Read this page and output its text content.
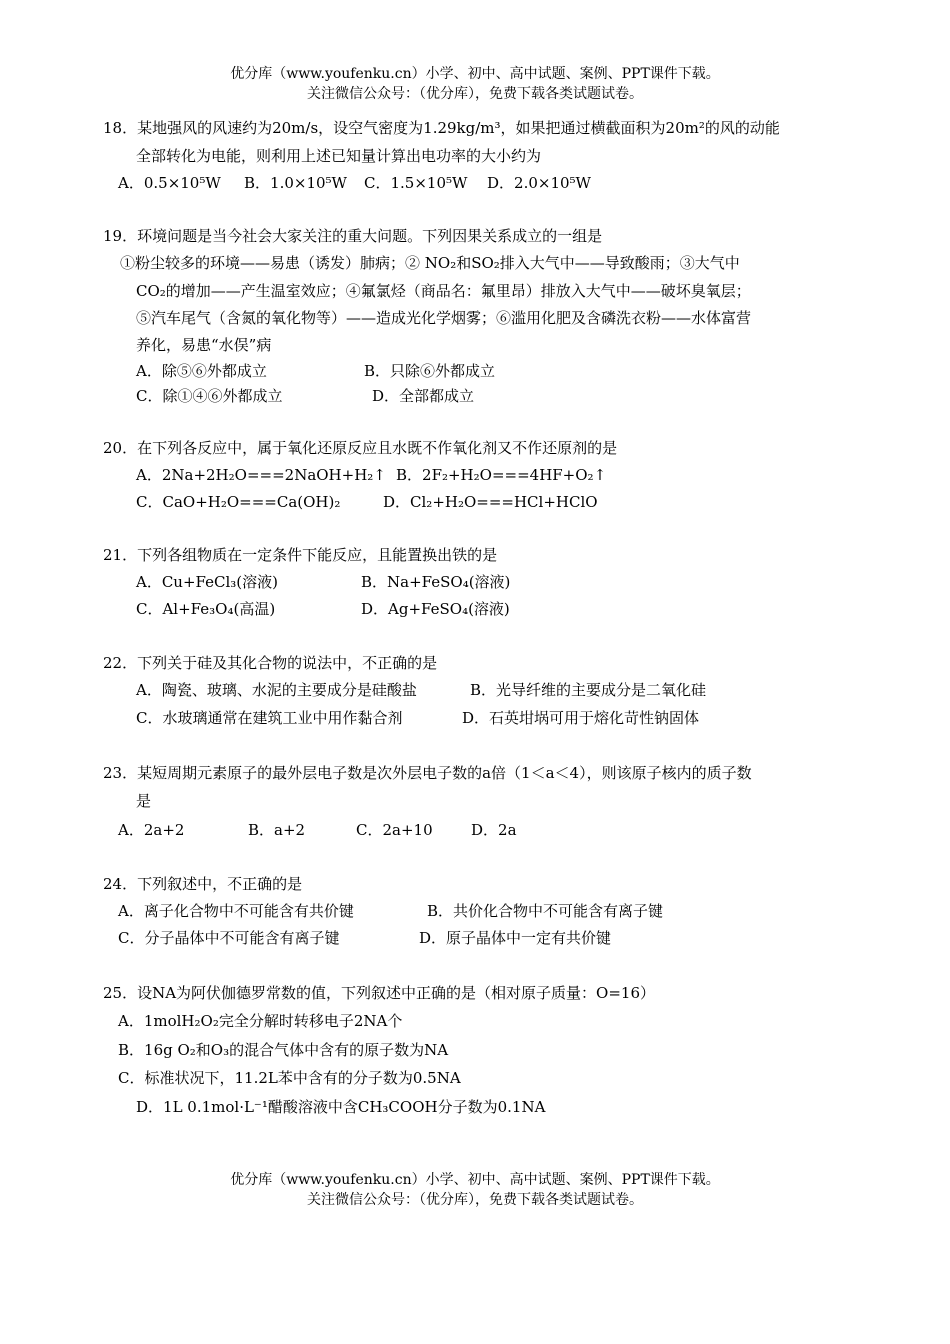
优分库（www.youfenku.cn）小学、初中、高中试题、案例、PPT课件下载。
关注微信公众号：（优分库），免费下载各类试题试卷。
18．某地强风的风速约为20m/s，设空气密度为1.29kg/m³，如果把通过横截面积为20m²的风的动能
全部转化为电能，则利用上述已知量计算出电功率的大小约为
A．0.5×10⁵W B．1.0×10⁵W C．1.5×10⁵W D．2.0×10⁵W
19．环境问题是当今社会大家关注的重大问题。下列因果关系成立的一组是
①粉尘较多的环境——易患（诱发）肺病；② NO₂和SO₂排入大气中——导致酸雨；③大气中
CO₂的增加——产生温室效应；④氟氯烃（商品名：氟里昂）排放入大气中——破坏臭氧层；
⑤汽车尾气（含氮的氧化物等）——造成光化学烟雾；⑥滥用化肥及含磷洗衣粉——水体富营
养化，易患“水俣”病
A．除⑤⑥外都成立	B．只除⑥外都成立
C．除①④⑥外都成立	D．全部都成立
20．在下列各反应中，属于氧化还原反应且水既不作氧化剂又不作还原剂的是
A．2Na+2H₂O===2NaOH+H₂↑ B．2F₂+H₂O===4HF+O₂↑
C．CaO+H₂O===Ca(OH)₂	D．Cl₂+H₂O===HCl+HClO
21．下列各组物质在一定条件下能反应，且能置换出铁的是
A．Cu+FeCl₃(溶液)	B．Na+FeSO₄(溶液)
C．Al+Fe₃O₄(高温)	D．Ag+FeSO₄(溶液)
22．下列关于硅及其化合物的说法中，不正确的是
A．陶瓷、玻璃、水泥的主要成分是硅酸盐	B．光导纤维的主要成分是二氧化硅
C．水玻璃通常在建筑工业中用作黏合剂	D．石英坩埚可用于熔化苛性钠固体
23．某短周期元素原子的最外层电子数是次外层电子数的a倍（1＜a＜4），则该原子核内的质子数
是
A．2a+2	B．a+2	C．2a+10	D．2a
24．下列叙述中，不正确的是
A．离子化合物中不可能含有共价键	B．共价化合物中不可能含有离子键
C．分子晶体中不可能含有离子键	D．原子晶体中一定有共价键
25．设NA为阿伏伽德罗常数的值，下列叙述中正确的是（相对原子质量：O=16）
A．1molH₂O₂完全分解时转移电子2NA个
B．16g O₂和O₃的混合气体中含有的原子数为NA
C．标准状况下，11.2L苯中含有的分子数为0.5NA
D．1L 0.1mol·L⁻¹醋酸溶液中含CH₃COOH分子数为0.1NA
优分库（www.youfenku.cn）小学、初中、高中试题、案例、PPT课件下载。
关注微信公众号：（优分库），免费下载各类试题试卷。
